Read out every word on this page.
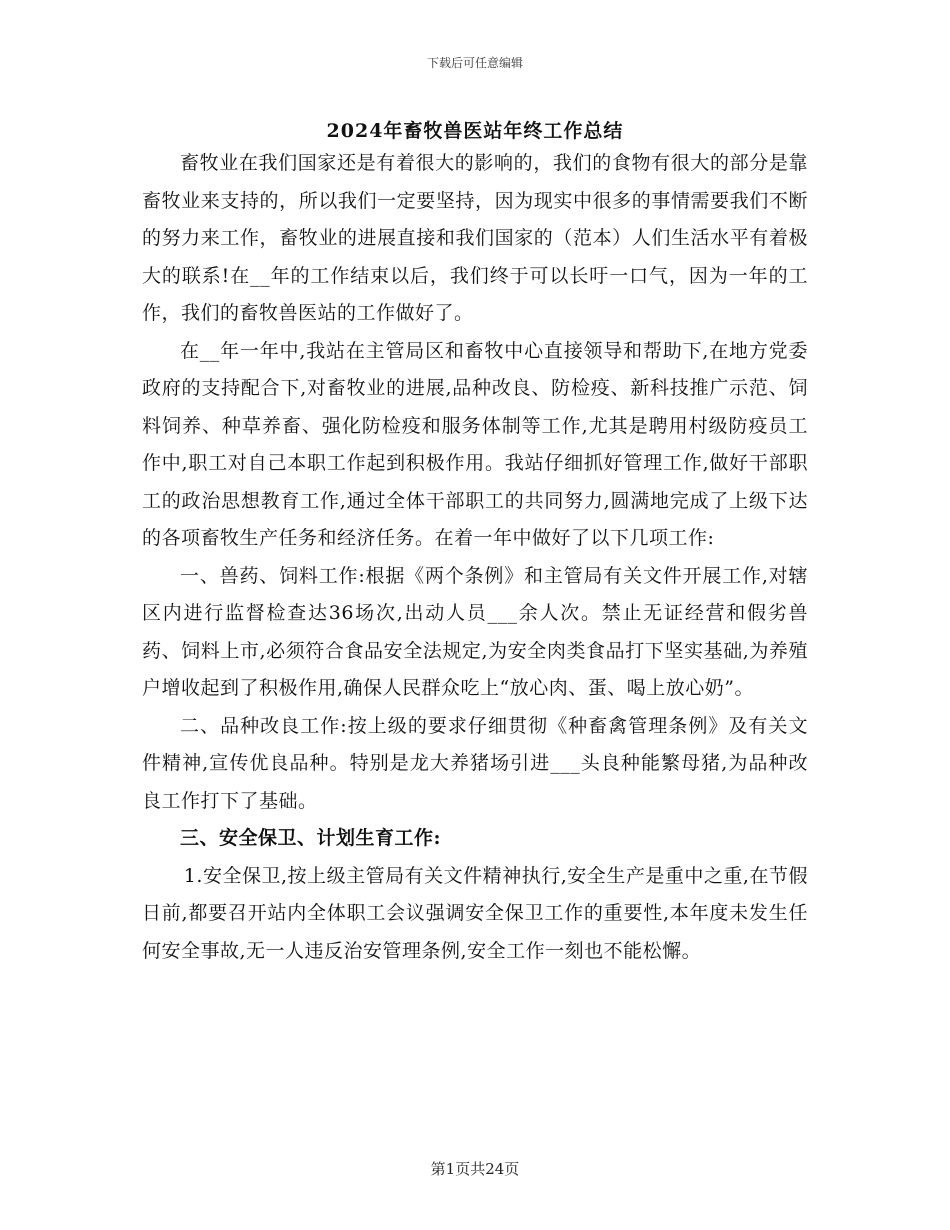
下载后可任意编辑
2024年畜牧兽医站年终工作总结

畜牧业在我们国家还是有着很大的影响的，我们的食物有很大的部分是靠畜牧业来支持的，所以我们一定要坚持，因为现实中很多的事情需要我们不断的努力来工作，畜牧业的进展直接和我们国家的（范本）人们生活水平有着极大的联系!在__年的工作结束以后，我们终于可以长吁一口气，因为一年的工作，我们的畜牧兽医站的工作做好了。

在__年一年中,我站在主管局区和畜牧中心直接领导和帮助下,在地方党委政府的支持配合下,对畜牧业的进展,品种改良、防检疫、新科技推广示范、饲料饲养、种草养畜、强化防检疫和服务体制等工作,尤其是聘用村级防疫员工作中,职工对自己本职工作起到积极作用。我站仔细抓好管理工作,做好干部职工的政治思想教育工作,通过全体干部职工的共同努力,圆满地完成了上级下达的各项畜牧生产任务和经济任务。在着一年中做好了以下几项工作:

一、兽药、饲料工作:根据《两个条例》和主管局有关文件开展工作,对辖区内进行监督检查达36场次,出动人员___余人次。禁止无证经营和假劣兽药、饲料上市,必须符合食品安全法规定,为安全肉类食品打下坚实基础,为养殖户增收起到了积极作用,确保人民群众吃上“放心肉、蛋、喝上放心奶”。

二、品种改良工作:按上级的要求仔细贯彻《种畜禽管理条例》及有关文件精神,宣传优良品种。特别是龙大养猪场引进___头良种能繁母猪,为品种改良工作打下了基础。

三、安全保卫、计划生育工作:

1.安全保卫,按上级主管局有关文件精神执行,安全生产是重中之重,在节假日前,都要召开站内全体职工会议强调安全保卫工作的重要性,本年度未发生任何安全事故,无一人违反治安管理条例,安全工作一刻也不能松懈。

第1页共24页
